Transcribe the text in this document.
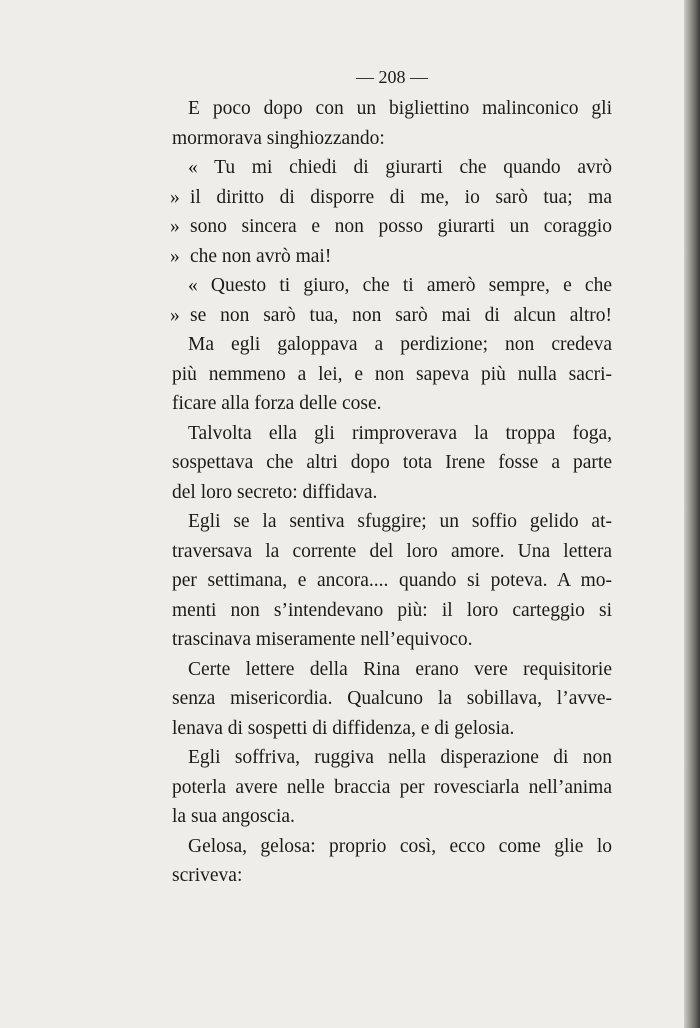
— 208 —
E poco dopo con un bigliettino malinconico gli
mormorava singhiozzando:
« Tu mi chiedi di giurarti che quando avrò
» il diritto di disporre di me, io sarò tua; ma
» sono sincera e non posso giurarti un coraggio
» che non avrò mai!
« Questo ti giuro, che ti amerò sempre, e che
» se non sarò tua, non sarò mai di alcun altro!
Ma egli galoppava a perdizione; non credeva
più nemmeno a lei, e non sapeva più nulla sacri-
ficare alla forza delle cose.
Talvolta ella gli rimproverava la troppa foga,
sospettava che altri dopo tota Irene fosse a parte
del loro secreto: diffidava.
Egli se la sentiva sfuggire; un soffio gelido at-
traversava la corrente del loro amore. Una lettera
per settimana, e ancora.... quando si poteva. A mo-
menti non s’intendevano più: il loro carteggio si
trascinava miseramente nell’equivoco.
Certe lettere della Rina erano vere requisitorie
senza misericordia. Qualcuno la sobillava, l’avve-
lenava di sospetti di diffidenza, e di gelosia.
Egli soffriva, ruggiva nella disperazione di non
poterla avere nelle braccia per rovesciarla nell’anima
la sua angoscia.
Gelosa, gelosa: proprio così, ecco come glie lo
scriveva:
